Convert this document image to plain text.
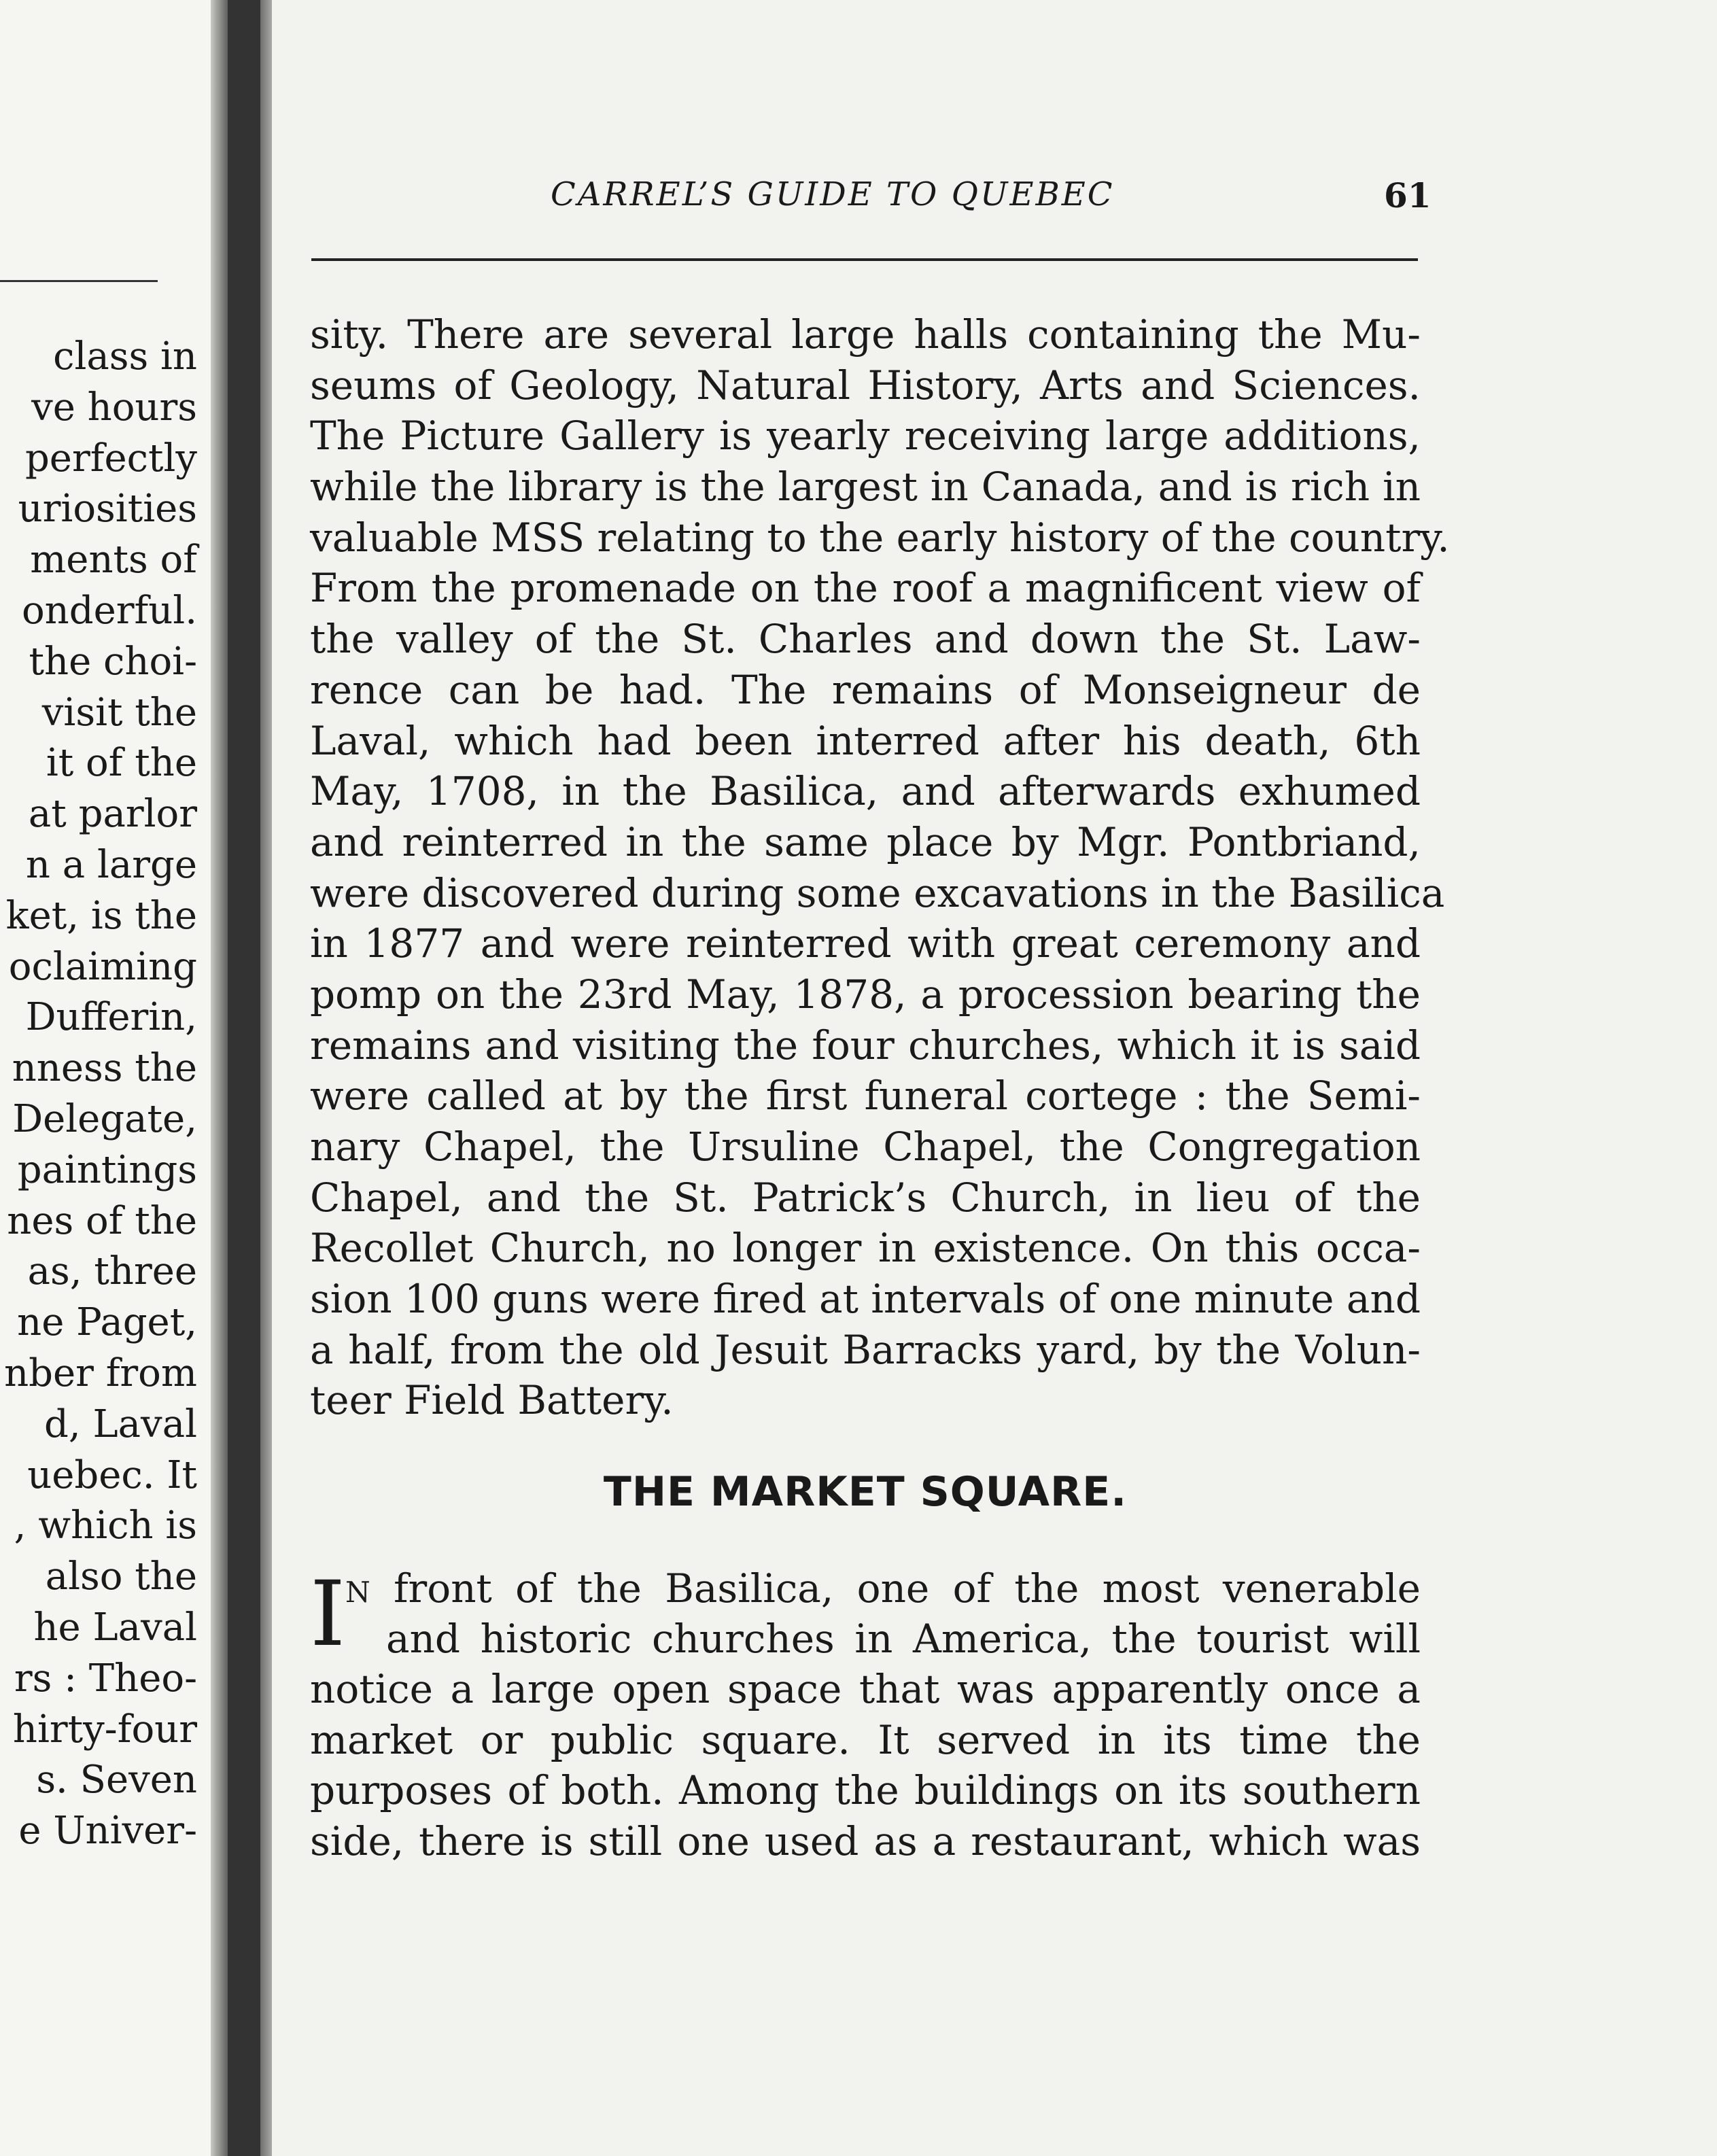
class in
ve hours
perfectly
uriosities
ments of
onderful.
the choi-
visit the
it of the
at parlor
n a large
ket, is the
oclaiming
Dufferin,
nness the
Delegate,
paintings
nes of the
as, three
ne Paget,
nber from
d, Laval
uebec. It
, which is
also the
he Laval
rs : Theo-
hirty-four
s. Seven
e Univer-
CARREL’S GUIDE TO QUEBEC	61
sity. There are several large halls containing the Mu-
seums of Geology, Natural History, Arts and Sciences.
The Picture Gallery is yearly receiving large additions,
while the library is the largest in Canada, and is rich in
valuable MSS relating to the early history of the country.
From the promenade on the roof a magnificent view of
the valley of the St. Charles and down the St. Law-
rence can be had. The remains of Monseigneur de
Laval, which had been interred after his death, 6th
May, 1708, in the Basilica, and afterwards exhumed
and reinterred in the same place by Mgr. Pontbriand,
were discovered during some excavations in the Basilica
in 1877 and were reinterred with great ceremony and
pomp on the 23rd May, 1878, a procession bearing the
remains and visiting the four churches, which it is said
were called at by the first funeral cortege : the Semi-
nary Chapel, the Ursuline Chapel, the Congregation
Chapel, and the St. Patrick’s Church, in lieu of the
Recollet Church, no longer in existence. On this occa-
sion 100 guns were fired at intervals of one minute and
a half, from the old Jesuit Barracks yard, by the Volun-
teer Field Battery.
THE MARKET SQUARE.
I N front of the Basilica, one of the most venerable
and historic churches in America, the tourist will
notice a large open space that was apparently once a
market or public square. It served in its time the
purposes of both. Among the buildings on its southern
side, there is still one used as a restaurant, which was
